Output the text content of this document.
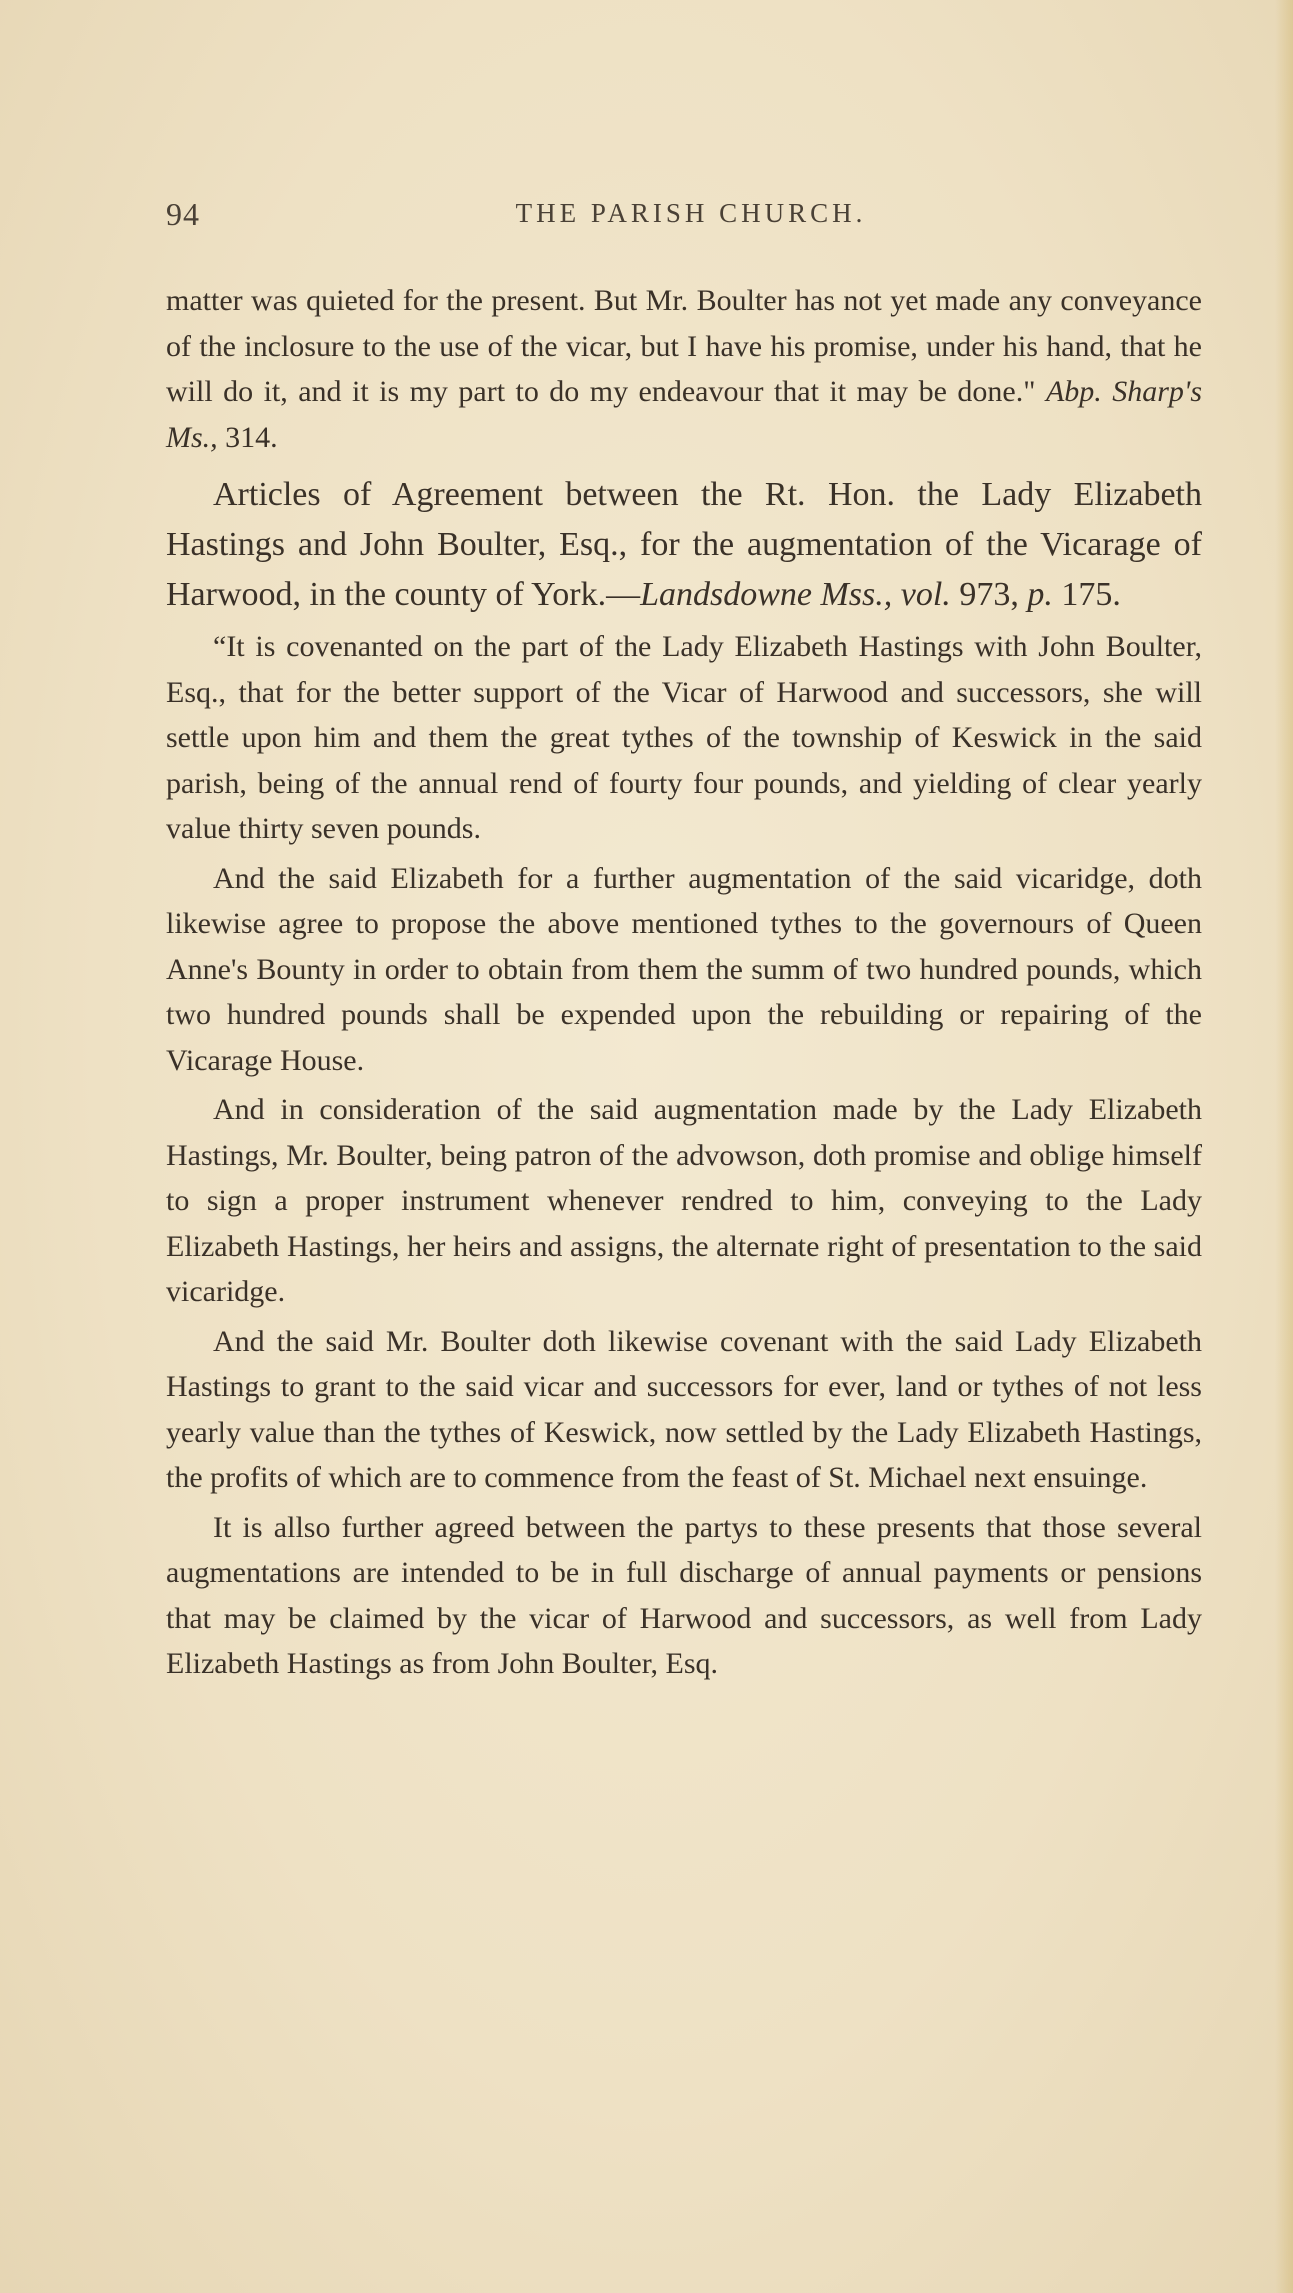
94	THE PARISH CHURCH.

matter was quieted for the present. But Mr. Boulter has not yet made any conveyance of the inclosure to the use of the vicar, but I have his promise, under his hand, that he will do it, and it is my part to do my endeavour that it may be done." Abp. Sharp's Ms., 314.

Articles of Agreement between the Rt. Hon. the Lady Elizabeth Hastings and John Boulter, Esq., for the augmentation of the Vicarage of Harwood, in the county of York.—Landsdowne Mss., vol. 973, p. 175.

“It is covenanted on the part of the Lady Elizabeth Hastings with John Boulter, Esq., that for the better support of the Vicar of Harwood and successors, she will settle upon him and them the great tythes of the township of Keswick in the said parish, being of the annual rend of fourty four pounds, and yielding of clear yearly value thirty seven pounds.

And the said Elizabeth for a further augmentation of the said vicaridge, doth likewise agree to propose the above mentioned tythes to the governours of Queen Anne's Bounty in order to obtain from them the summ of two hundred pounds, which two hundred pounds shall be expended upon the rebuilding or repairing of the Vicarage House.

And in consideration of the said augmentation made by the Lady Elizabeth Hastings, Mr. Boulter, being patron of the advowson, doth promise and oblige himself to sign a proper instrument whenever rendred to him, conveying to the Lady Elizabeth Hastings, her heirs and assigns, the alternate right of presentation to the said vicaridge.

And the said Mr. Boulter doth likewise covenant with the said Lady Elizabeth Hastings to grant to the said vicar and successors for ever, land or tythes of not less yearly value than the tythes of Keswick, now settled by the Lady Elizabeth Hastings, the profits of which are to commence from the feast of St. Michael next ensuinge.

It is allso further agreed between the partys to these presents that those several augmentations are intended to be in full discharge of annual payments or pensions that may be claimed by the vicar of Harwood and successors, as well from Lady Elizabeth Hastings as from John Boulter, Esq.
